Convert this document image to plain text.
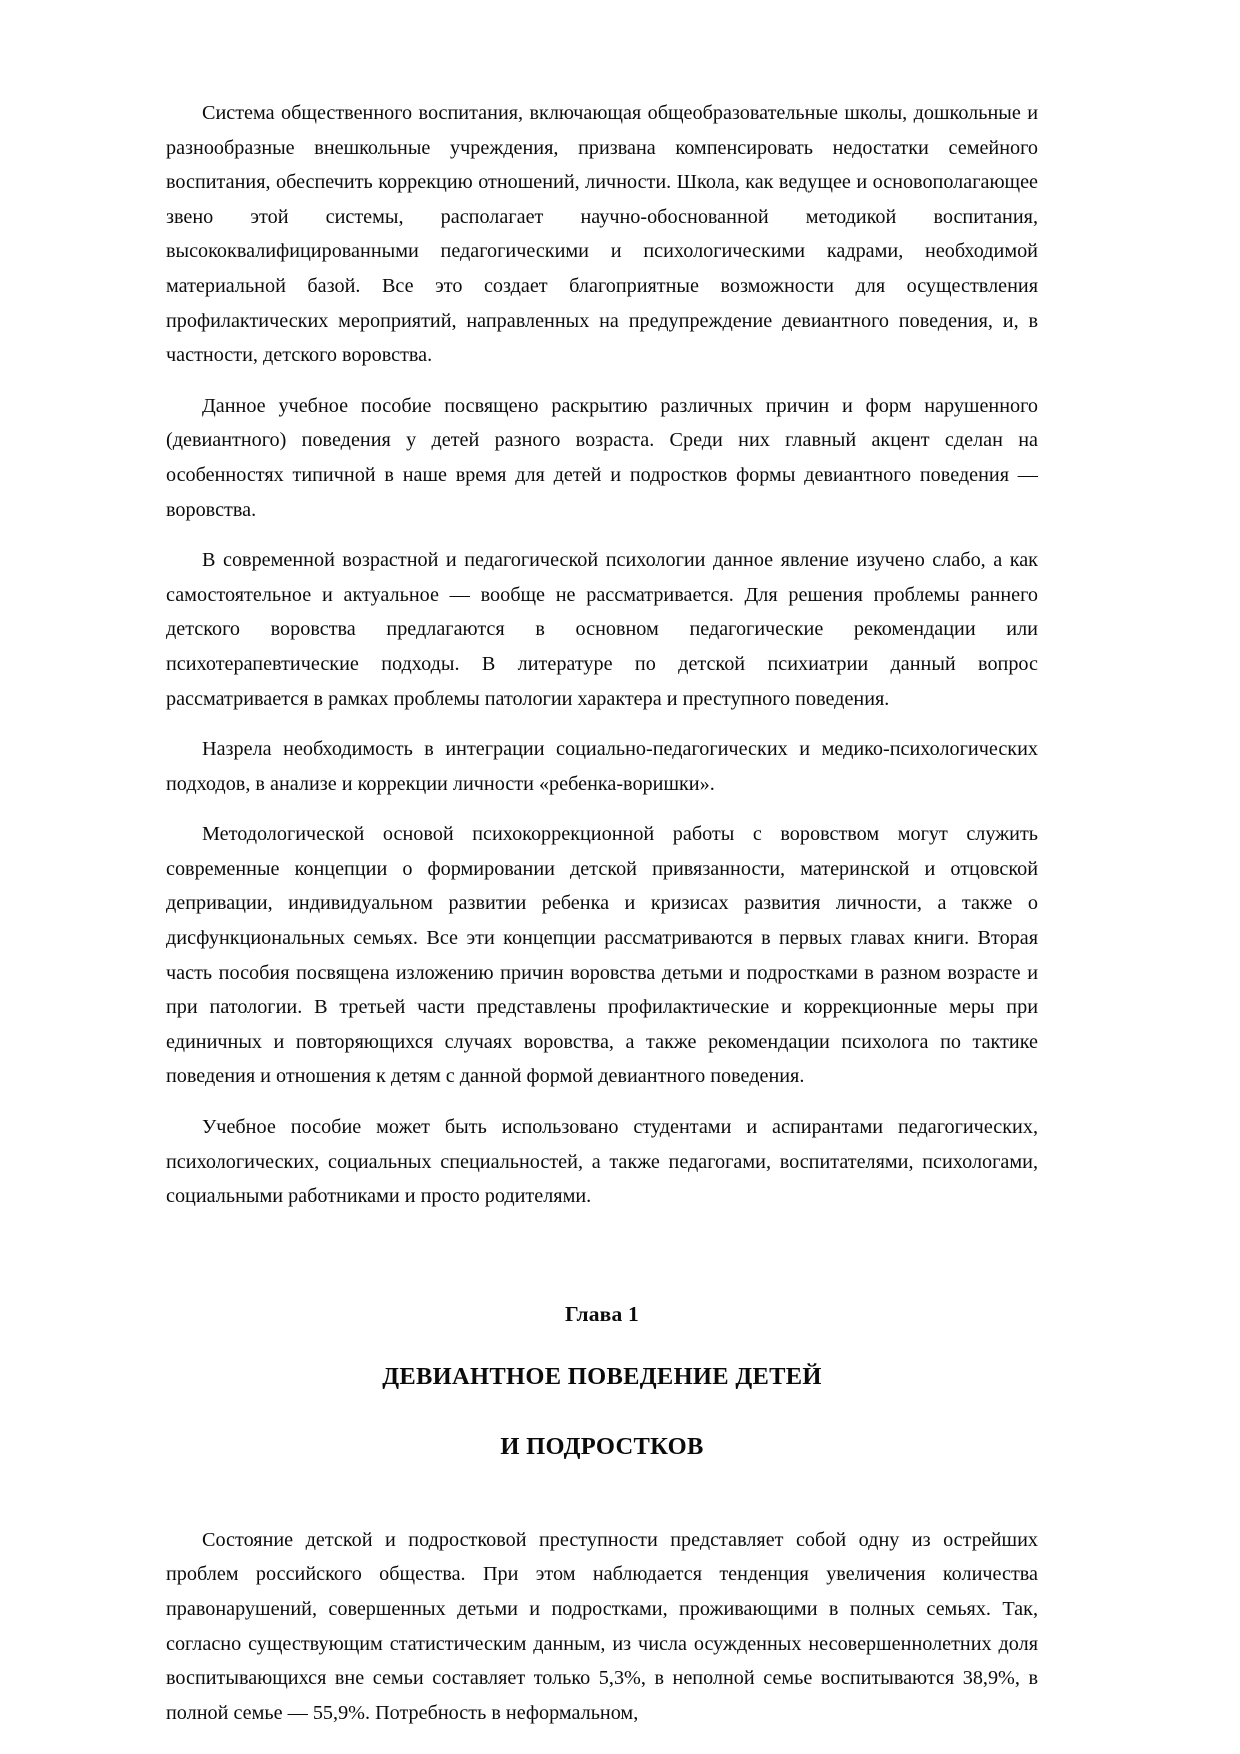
Система общественного воспитания, включающая общеобразовательные школы, дошкольные и разнообразные внешкольные учреждения, призвана компенсировать недостатки семейного воспитания, обеспечить коррекцию отношений, личности. Школа, как ведущее и основополагающее звено этой системы, располагает научно-обоснованной методикой воспитания, высококвалифицированными педагогическими и психологическими кадрами, необходимой материальной базой. Все это создает благоприятные возможности для осуществления профилактических мероприятий, направленных на предупреждение девиантного поведения, и, в частности, детского воровства.

Данное учебное пособие посвящено раскрытию различных причин и форм нарушенного (девиантного) поведения у детей разного возраста. Среди них главный акцент сделан на особенностях типичной в наше время для детей и подростков формы девиантного поведения — воровства.

В современной возрастной и педагогической психологии данное явление изучено слабо, а как самостоятельное и актуальное — вообще не рассматривается. Для решения проблемы раннего детского воровства предлагаются в основном педагогические рекомендации или психотерапевтические подходы. В литературе по детской психиатрии данный вопрос рассматривается в рамках проблемы патологии характера и преступного поведения.

Назрела необходимость в интеграции социально-педагогических и медико-психологических подходов, в анализе и коррекции личности «ребенка-воришки».

Методологической основой психокоррекционной работы с воровством могут служить современные концепции о формировании детской привязанности, материнской и отцовской депривации, индивидуальном развитии ребенка и кризисах развития личности, а также о дисфункциональных семьях. Все эти концепции рассматриваются в первых главах книги. Вторая часть пособия посвящена изложению причин воровства детьми и подростками в разном возрасте и при патологии. В третьей части представлены профилактические и коррекционные меры при единичных и повторяющихся случаях воровства, а также рекомендации психолога по тактике поведения и отношения к детям с данной формой девиантного поведения.

Учебное пособие может быть использовано студентами и аспирантами педагогических, психологических, социальных специальностей, а также педагогами, воспитателями, психологами, социальными работниками и просто родителями.

Глава 1

ДЕВИАНТНОЕ ПОВЕДЕНИЕ ДЕТЕЙ

И ПОДРОСТКОВ

Состояние детской и подростковой преступности представляет собой одну из острейших проблем российского общества. При этом наблюдается тенденция увеличения количества правонарушений, совершенных детьми и подростками, проживающими в полных семьях. Так, согласно существующим статистическим данным, из числа осужденных несовершеннолетних доля воспитывающихся вне семьи составляет только 5,3%, в неполной семье воспитываются 38,9%, в полной семье — 55,9%. Потребность в неформальном,
